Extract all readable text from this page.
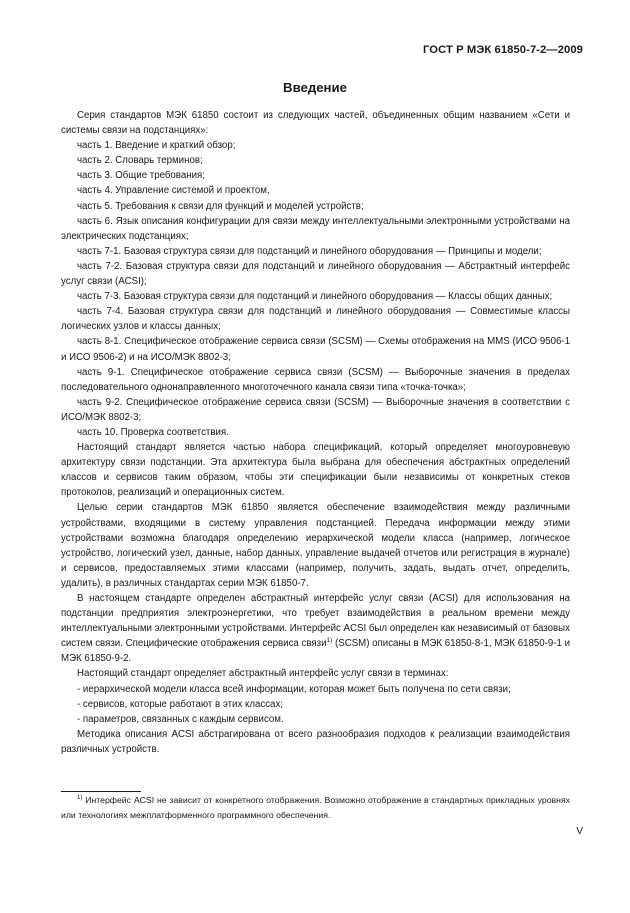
ГОСТ Р МЭК 61850-7-2—2009
Введение

Серия стандартов МЭК 61850 состоит из следующих частей, объединенных общим названием «Сети и системы связи на подстанциях»:

часть 1. Введение и краткий обзор;

часть 2. Словарь терминов;

часть 3. Общие требования;

часть 4. Управление системой и проектом,

часть 5. Требования к связи для функций и моделей устройств;

часть 6. Язык описания конфигурации для связи между интеллектуальными электронными устройствами на электрических подстанциях;

часть 7-1. Базовая структура связи для подстанций и линейного оборудования — Принципы и модели;

часть 7-2. Базовая структура связи для подстанций и линейного оборудования — Абстрактный интерфейс услуг связи (ACSI);

часть 7-3. Базовая структура связи для подстанций и линейного оборудования — Классы общих данных;

часть 7-4. Базовая структура связи для подстанций и линейного оборудования — Совместимые классы логических узлов и классы данных;

часть 8-1. Специфическое отображение сервиса связи (SCSM) — Схемы отображения на MMS (ИСО 9506-1 и ИСО 9506-2) и на ИСО/МЭК 8802-3;

часть 9-1. Специфическое отображение сервиса связи (SCSM) — Выборочные значения в пределах последовательного однонаправленного многоточечного канала связи типа «точка-точка»;

часть 9-2. Специфическое отображение сервиса связи (SCSM) — Выборочные значения в соответствии с ИСО/МЭК 8802-3;

часть 10. Проверка соответствия.

Настоящий стандарт является частью набора спецификаций, который определяет многоуровневую архитектуру связи подстанции. Эта архитектура была выбрана для обеспечения абстрактных определений классов и сервисов таким образом, чтобы эти спецификации были независимы от конкретных стеков протоколов, реализаций и операционных систем.

Целью серии стандартов МЭК 61850 является обеспечение взаимодействия между различными устройствами, входящими в систему управления подстанцией. Передача информации между этими устройствами возможна благодаря определению иерархической модели класса (например, логическое устройство, логический узел, данные, набор данных, управление выдачей отчетов или регистрация в журнале) и сервисов, предоставляемых этими классами (например, получить, задать, выдать отчет, определить, удалить), в различных стандартах серии МЭК 61850-7.

В настоящем стандарте определен абстрактный интерфейс услуг связи (ACSI) для использования на подстанции предприятия электроэнергетики, что требует взаимодействия в реальном времени между интеллектуальными электронными устройствами. Интерфейс ACSI был определен как независимый от базовых систем связи. Специфические отображения сервиса связи$^{1)}$ (SCSM) описаны в МЭК 61850-8-1, МЭК 61850-9-1 и МЭК 61850-9-2.

Настоящий стандарт определяет абстрактный интерфейс услуг связи в терминах:

- иерархической модели класса всей информации, которая может быть получена по сети связи;

- сервисов, которые работают в этих классах;

- параметров, связанных с каждым сервисом.

Методика описания ACSI абстрагирована от всего разнообразия подходов к реализации взаимодействия различных устройств.

$^{1)}$ Интерфейс ACSI не зависит от конкретного отображения. Возможно отображение в стандартных прикладных уровнях или технологиях межплатформенного программного обеспечения.

V
